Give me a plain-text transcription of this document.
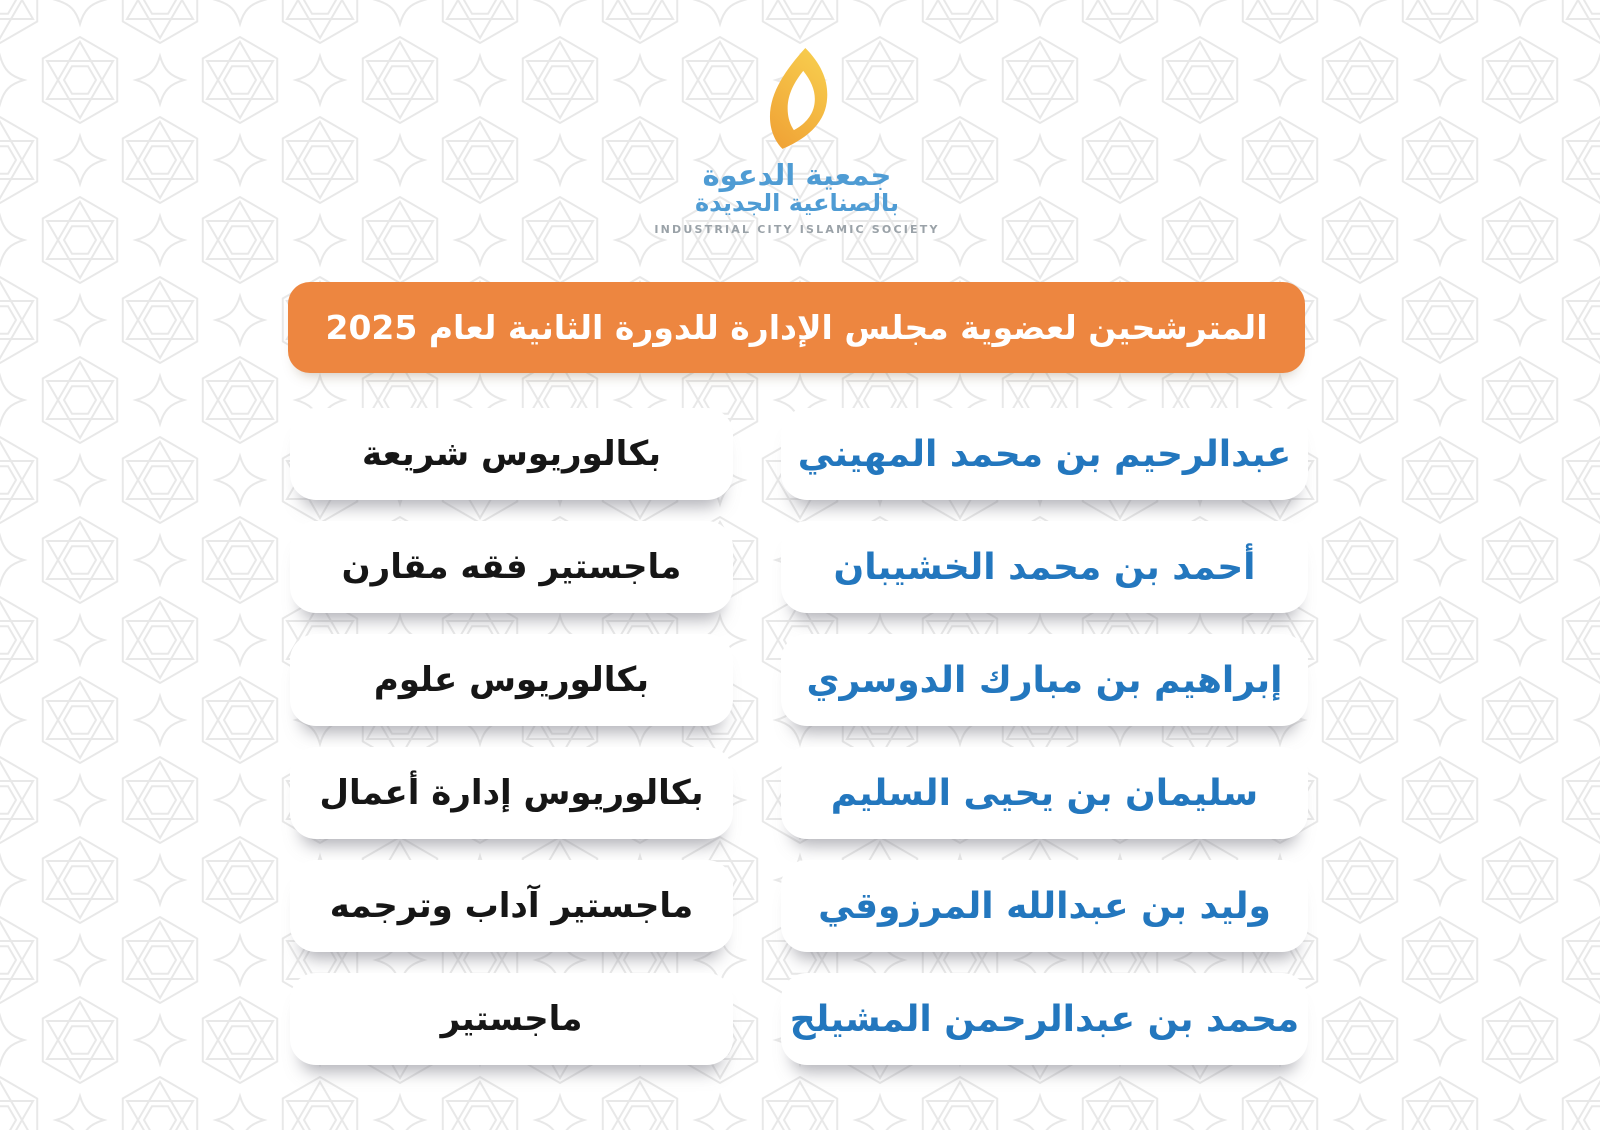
جمعية الدعوة
بالصناعية الجديدة
INDUSTRIAL CITY ISLAMIC SOCIETY
المترشحين لعضوية مجلس الإدارة للدورة الثانية لعام 2025
عبدالرحيم بن محمد المهيني
بكالوريوس شريعة
أحمد بن محمد الخشيبان
ماجستير فقه مقارن
إبراهيم بن مبارك الدوسري
بكالوريوس علوم
سليمان بن يحيى السليم
بكالوريوس إدارة أعمال
وليد بن عبدالله المرزوقي
ماجستير آداب وترجمه
محمد بن عبدالرحمن المشيلح
ماجستير
